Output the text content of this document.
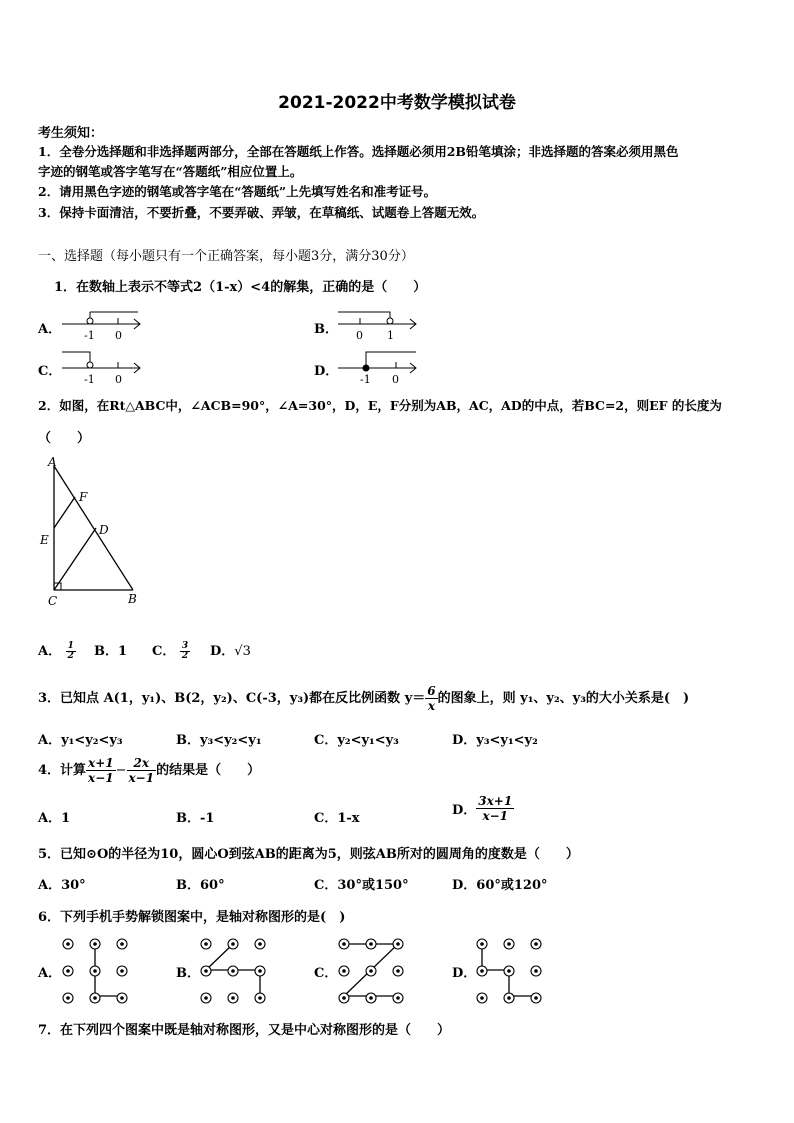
2021-2022中考数学模拟试卷
考生须知：
1．全卷分选择题和非选择题两部分，全部在答题纸上作答。选择题必须用2B铅笔填涂；非选择题的答案必须用黑色
字迹的钢笔或答字笔写在“答题纸”相应位置上。
2．请用黑色字迹的钢笔或答字笔在“答题纸”上先填写姓名和准考证号。
3．保持卡面清洁，不要折叠，不要弄破、弄皱，在草稿纸、试题卷上答题无效。
一、选择题（每小题只有一个正确答案，每小题3分，满分30分）
1．在数轴上表示不等式2（1-x）<4的解集，正确的是（　　）
A． -1 0	B． 0 1
C．
-1 0
D．
-1 0
2．如图，在Rt△ABC中，∠ACB=90°，∠A=30°，D，E，F分别为AB，AC，AD的中点，若BC=2，则EF 的长度为
（　　）
A
F
D
E
C	B
A． $\frac{1}{2}$ B．1 C． $\frac{3}{2}$ D．√3
3．已知点 A(1，y₁)、B(2，y₂)、C(-3，y₃)都在反比例函数 $y= \frac{6}{x}$ 的图象上，则 y₁、y₂、y₃的大小关系是(　)
A．y₁<y₂<y₃	B．y₃<y₂<y₁	C．y₂<y₁<y₃	D．y₃<y₁<y₂
4．计算 $\frac{x+1}{x-1} - \frac{2x}{x-1}$ 的结果是（　　）
A．1	B．-1	C．1-x
D． $\frac{3x+1}{x-1}$
5．已知⊙O的半径为10，圆心O到弦AB的距离为5，则弦AB所对的圆周角的度数是（　　）
A．30°	B．60°	C．30°或150°	D．60°或120°
6．下列手机手势解锁图案中，是轴对称图形的是(　)
A．	B．	C．	D．
7．在下列四个图案中既是轴对称图形，又是中心对称图形的是（　　）
